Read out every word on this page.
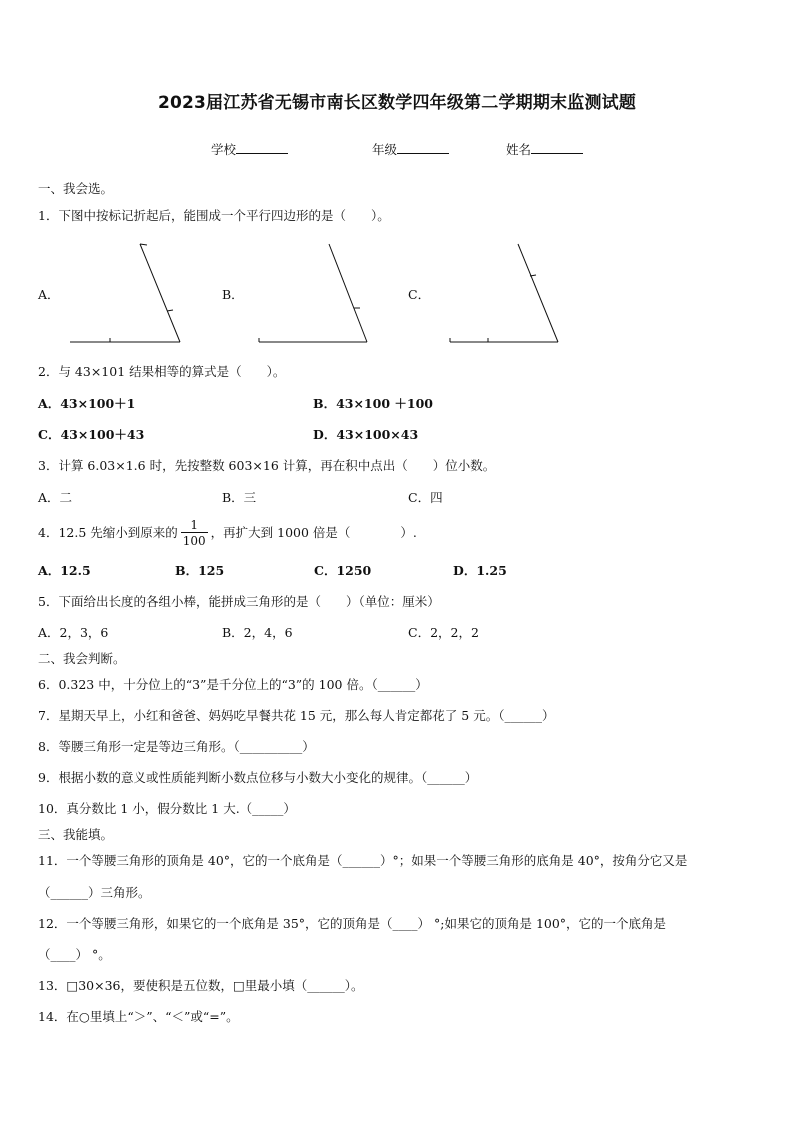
2023届江苏省无锡市南长区数学四年级第二学期期末监测试题
学校	年级	姓名
一、我会选。
1．下图中按标记折起后，能围成一个平行四边形的是（　　）。
A．	B．	C．
2．与 43×101 结果相等的算式是（　　）。
A．43×100＋1	B．43×100 ＋100
C．43×100＋43	D．43×100×43
3．计算 6.03×1.6 时，先按整数 603×16 计算，再在积中点出（　　）位小数。
A．二	B．三	C．四
4．12.5 先缩小到原来的 $\frac{1}{100}$ ，再扩大到 1000 倍是（　　　　）.
A．12.5	B．125	C．1250	D．1.25
5．下面给出长度的各组小棒，能拼成三角形的是（　　）（单位：厘米）
A．2，3，6	B．2，4，6	C．2，2，2
二、我会判断。
6．0.323 中，十分位上的“3”是千分位上的“3”的 100 倍。（______）
7．星期天早上，小红和爸爸、妈妈吃早餐共花 15 元，那么每人肯定都花了 5 元。（______）
8．等腰三角形一定是等边三角形。（__________）
9．根据小数的意义或性质能判断小数点位移与小数大小变化的规律。（______）
10．真分数比 1 小，假分数比 1 大.（_____）
三、我能填。
11．一个等腰三角形的顶角是 40°，它的一个底角是（______）°；如果一个等腰三角形的底角是 40°，按角分它又是
（______）三角形。
12．一个等腰三角形，如果它的一个底角是 35°，它的顶角是（____） °;如果它的顶角是 100°，它的一个底角是
（____） °。
13．□30×36，要使积是五位数，□里最小填（______）。
14．在○里填上“＞”、“＜”或“=”。
